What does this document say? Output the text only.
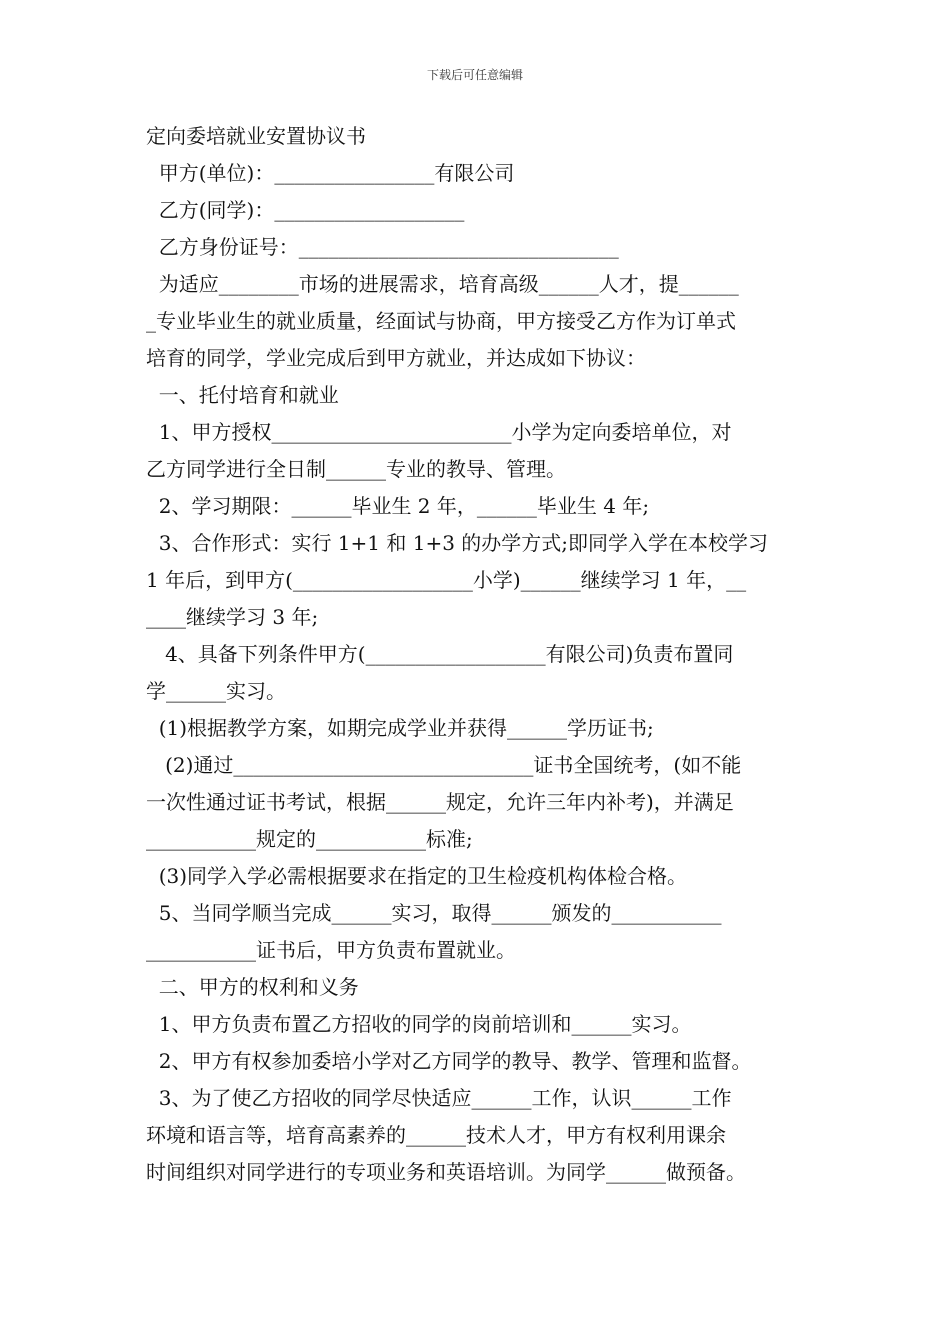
下载后可任意编辑
定向委培就业安置协议书
甲方(单位)：________________有限公司
乙方(同学)：___________________
乙方身份证号：________________________________
为适应________市场的进展需求，培育高级______人才，提______
_专业毕业生的就业质量，经面试与协商，甲方接受乙方作为订单式
培育的同学，学业完成后到甲方就业，并达成如下协议：
一、托付培育和就业
1、甲方授权________________________小学为定向委培单位，对
乙方同学进行全日制______专业的教导、管理。
2、学习期限：______毕业生 2 年，______毕业生 4 年;
3、合作形式：实行 1+1 和 1+3 的办学方式;即同学入学在本校学习
1 年后，到甲方(__________________小学)______继续学习 1 年，__
____继续学习 3 年;
4、具备下列条件甲方(__________________有限公司)负责布置同
学______实习。
(1)根据教学方案，如期完成学业并获得______学历证书;
(2)通过______________________________证书全国统考，(如不能
一次性通过证书考试，根据______规定，允许三年内补考)，并满足
___________规定的___________标准;
(3)同学入学必需根据要求在指定的卫生检疫机构体检合格。
5、当同学顺当完成______实习，取得______颁发的___________
___________证书后，甲方负责布置就业。
二、甲方的权利和义务
1、甲方负责布置乙方招收的同学的岗前培训和______实习。
2、甲方有权参加委培小学对乙方同学的教导、教学、管理和监督。
3、为了使乙方招收的同学尽快适应______工作，认识______工作
环境和语言等，培育高素养的______技术人才，甲方有权利用课余
时间组织对同学进行的专项业务和英语培训。为同学______做预备。
